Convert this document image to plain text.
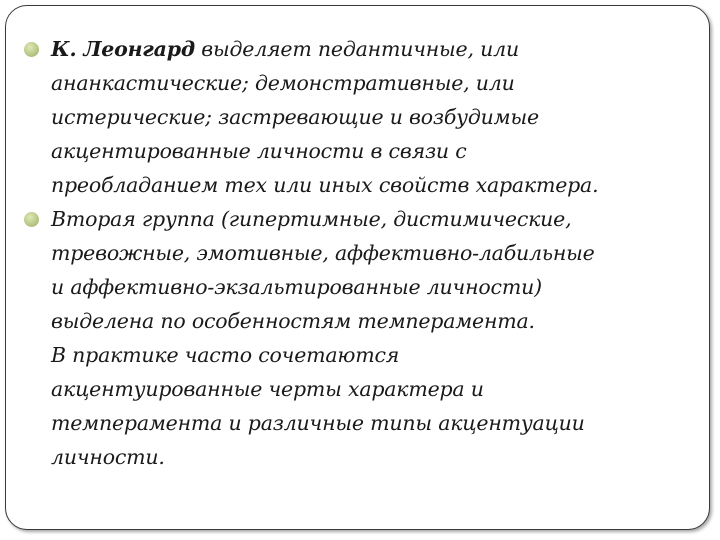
К. Леонгард выделяет педантичные, или
ананкастические; демонстративные, или
истерические; застревающие и возбудимые
акцентированные личности в связи с
преобладанием тех или иных свойств характера.
Вторая группа (гипертимные, дистимические,
тревожные, эмотивные, аффективно-лабильные
и аффективно-экзальтированные личности)
выделена по особенностям темперамента.
В практике часто сочетаются
акцентуированные черты характера и
темперамента и различные типы акцентуации
личности.
